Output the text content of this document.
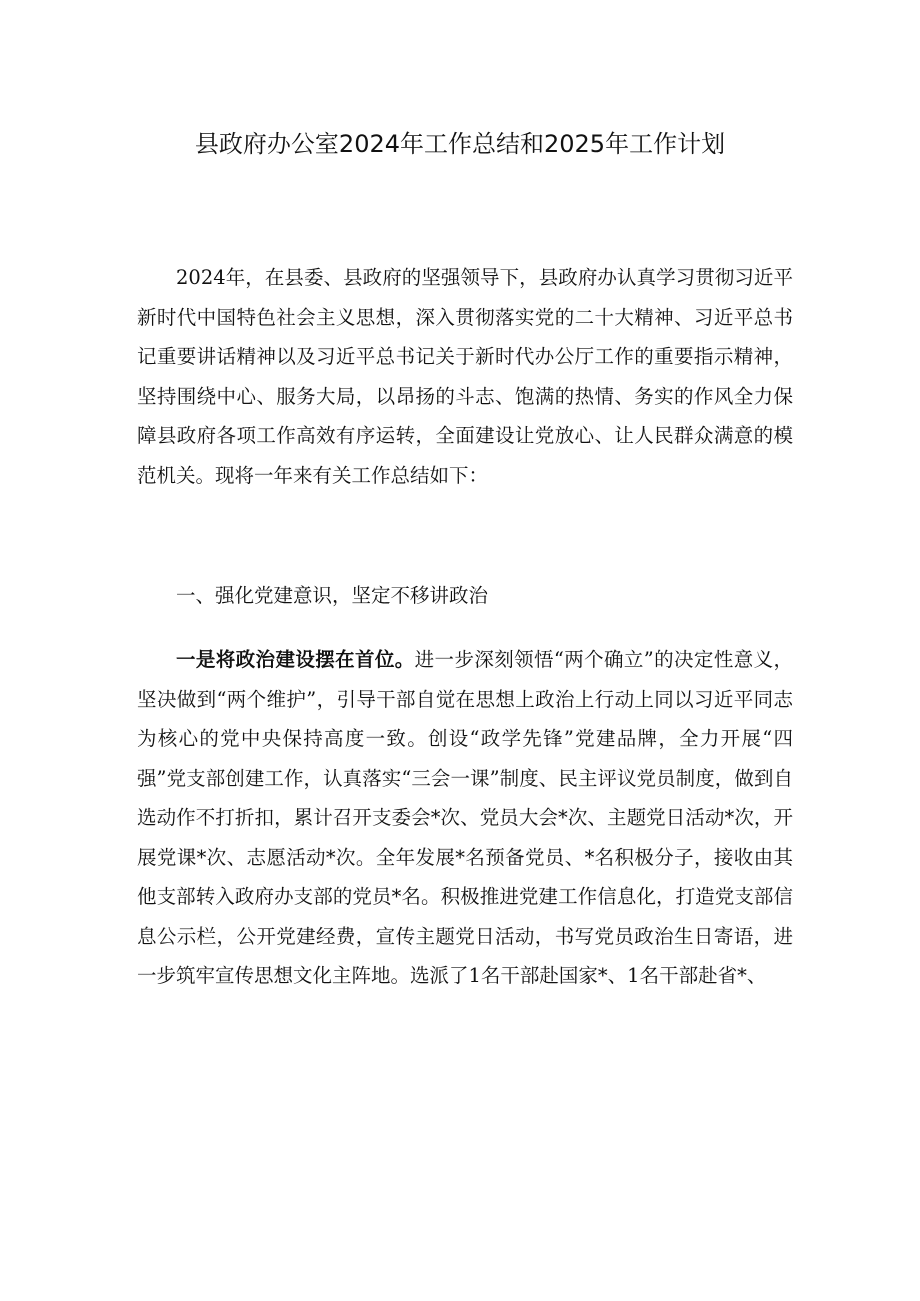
县政府办公室2024年工作总结和2025年工作计划

2024年，在县委、县政府的坚强领导下，县政府办认真学习贯彻习近平新时代中国特色社会主义思想，深入贯彻落实党的二十大精神、习近平总书记重要讲话精神以及习近平总书记关于新时代办公厅工作的重要指示精神，坚持围绕中心、服务大局，以昂扬的斗志、饱满的热情、务实的作风全力保障县政府各项工作高效有序运转，全面建设让党放心、让人民群众满意的模范机关。现将一年来有关工作总结如下：

一、强化党建意识，坚定不移讲政治

一是将政治建设摆在首位。进一步深刻领悟“两个确立”的决定性意义，坚决做到“两个维护”，引导干部自觉在思想上政治上行动上同以习近平同志为核心的党中央保持高度一致。创设“政学先锋”党建品牌，全力开展“四强”党支部创建工作，认真落实“三会一课”制度、民主评议党员制度，做到自选动作不打折扣，累计召开支委会*次、党员大会*次、主题党日活动*次，开展党课*次、志愿活动*次。全年发展*名预备党员、*名积极分子，接收由其他支部转入政府办支部的党员*名。积极推进党建工作信息化，打造党支部信息公示栏，公开党建经费，宣传主题党日活动，书写党员政治生日寄语，进一步筑牢宣传思想文化主阵地。选派了1名干部赴国家*、1名干部赴省*、
